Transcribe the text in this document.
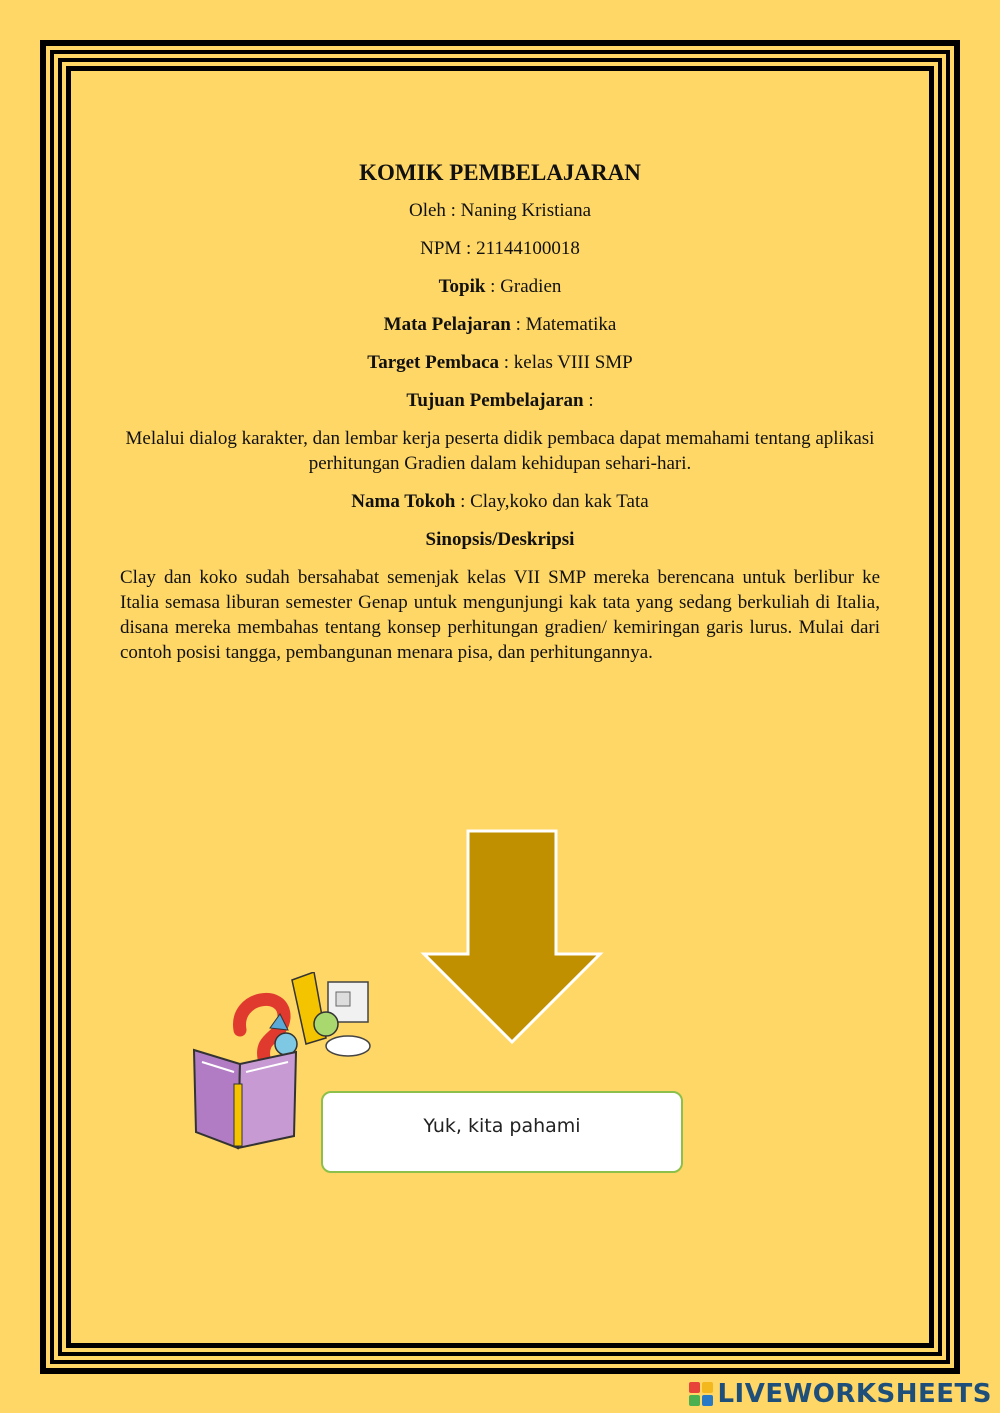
KOMIK PEMBELAJARAN
Oleh : Naning Kristiana
NPM : 21144100018
Topik : Gradien
Mata Pelajaran : Matematika
Target Pembaca : kelas VIII SMP
Tujuan Pembelajaran :
Melalui dialog karakter, dan lembar kerja peserta didik pembaca dapat memahami tentang aplikasi perhitungan Gradien dalam kehidupan sehari-hari.
Nama Tokoh : Clay,koko dan kak Tata
Sinopsis/Deskripsi

Clay dan koko sudah bersahabat semenjak kelas VII SMP mereka berencana untuk berlibur ke Italia semasa liburan semester Genap untuk mengunjungi kak tata yang sedang berkuliah di Italia, disana mereka membahas tentang konsep perhitungan gradien/ kemiringan garis lurus. Mulai dari contoh posisi tangga, pembangunan menara pisa, dan perhitungannya.

Yuk, kita pahami
LIVEWORKSHEETS
